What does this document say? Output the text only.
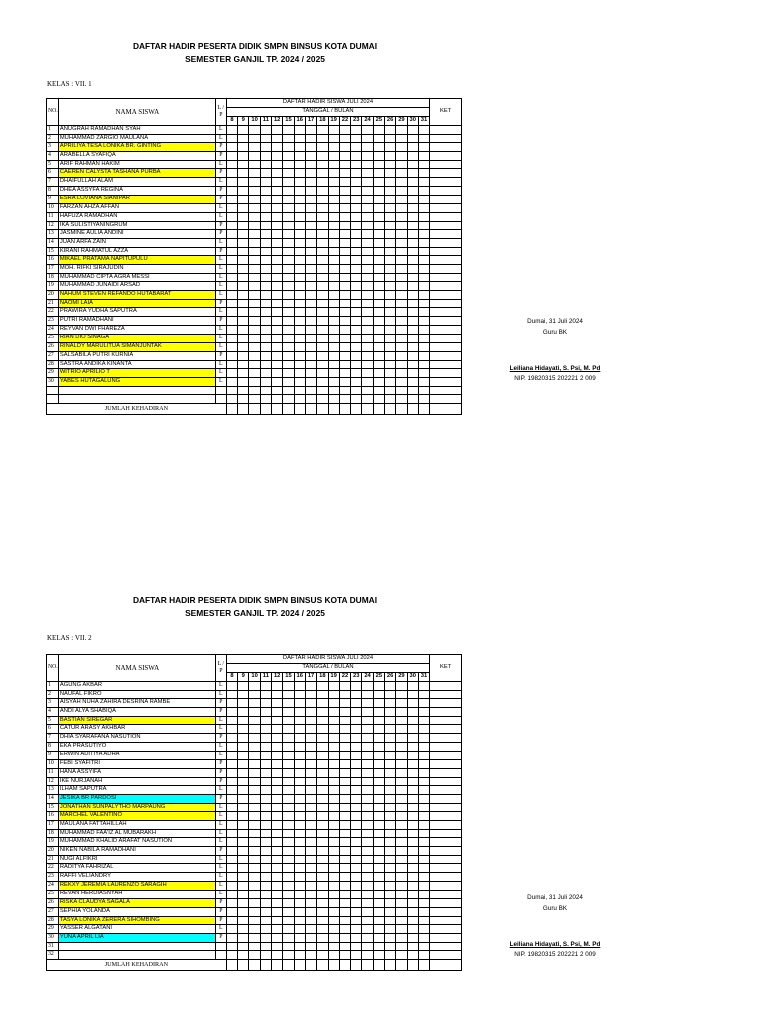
DAFTAR HADIR PESERTA DIDIK SMPN BINSUS KOTA DUMAI
SEMESTER GANJIL TP. 2024 / 2025
KELAS : VII. 1
NO.	NAMA SISWA	L / P	DAFTAR HADIR SISWA JULI 2024																		KET
			TANGGAL / BULAN																		
			8	9	10	11	12	15	16	17	18	19	22	23	24	25	26	29	30	31	
1	ANUGRAH RAMADHAN SYAH	L																			
2	MUHAMMAD ZARGIO MAULANA	L																			
3	APRILIYA TESA LONIKA BR. GINTING	P																			
4	ARABELLA SYAFIQA	P																			
5	ARIF RAHMAN HAKIM	L																			
6	CAEREN CALYSTA TASHANA PURBA	P																			
7	DHAIFULLAH ALAM	L																			
8	DHEA ASSYFA REGINA	P																			
9	ESRA LOVIANA SIANIPAR	P																			
10	FARZAN AHZA AFFAN	L																			
11	HAFUZA RAMADHAN	L																			
12	IKA SULISTIYANINGRUM	P																			
13	JASMINE AULIA ANDINI	P																			
14	JUAN ARFA ZAIN	L																			
15	KIRANI RAHMATUL AZZA	P																			
16	MIKAEL PRATAMA NAPITUPULU	L																			
17	MOH. RIFKI SIRAJUDIN	L																			
18	MUHAMMAD CIPTA AGRA MESSI	L																			
19	MUHAMMAD JUNAIDI ARSAD	L																			
20	NAHUM STEVEN REFANDO HUTABARAT	L																			
21	NAOMI LAIA	P																			
22	PRAWIRA YUDHA SAPUTRA	L																			
23	PUTRI RAMADHANI	P																			
24	REYVAN DWI FHAREZA	L																			
25	RIAN DIO SINAGA	L																			
26	RINALDY MARULITUA SIMANJUNTAK	L																			
27	SALSABILA PUTRI KURNIA	P																			
28	SASTRA ANDIKA KINANTA	L																			
29	WITRIO APRILIO T	L																			
30	YABES HUTAGALUNG	L																			

JUMLAH KEHADIRAN																					
Dumai, 31 Juli 2024
Guru BK
Leiliana Hidayati, S. Psi, M. Pd
NIP. 19820315 202221 2 009
DAFTAR HADIR PESERTA DIDIK SMPN BINSUS KOTA DUMAI
SEMESTER GANJIL TP. 2024 / 2025
KELAS : VII. 2
NO.	NAMA SISWA	L / P	DAFTAR HADIR SISWA JULI 2024																		KET
			TANGGAL / BULAN																		
			8	9	10	11	12	15	16	17	18	19	22	23	24	25	26	29	30	31	
1	AGUNG AKBAR	L																			
2	NAUFAL FIKRO	L																			
3	AISYAH NUHA ZAHIRA DESRINA RAMBE	P																			
4	ANDI ALYA SHABIQA	P																			
5	BASTIAN SIREGAR	L																			
6	CATUR ARASY AKHBAR	L																			
7	DHIA SYARAFANA NASUTION	P																			
8	EKA PRASUTIYO	L																			
9	ERWIN ADITIYA ADHA	L																			
10	FEBI SYAFITRI	P																			
11	HANA ASSYIFA	P																			
12	IKE NURJANAH	P																			
13	ILHAM SAPUTRA	L																			
14	JESIKA BR PARDOSI	P																			
15	JONATHAN SUNPALYTHO MARPAUNG	L																			
16	MARCHEL VALENTINO	L																			
17	MAULANA FATTAHILLAH	L																			
18	MUHAMMAD FAA'IZ AL MUBARAKH	L																			
19	MUHAMMAD KHALID ARAFAT NASUTION	L																			
20	NIKEN NABILA RAMADHANI	P																			
21	NUGI ALFIKRI	L																			
22	RADITYA FAHRIZAL	L																			
23	RAFFI VELIANDRY	L																			
24	REKXY JEREMIA LAURENZO SARAGIH	L																			
25	REVAN HERDIASNYAH	L																			
26	RISKA CLAUDYA SAGALA	P																			
27	SEPHIA YOLANDA	P																			
28	TASYA LONIKA ZERERA SIHOMBING	P																			
29	YASSER ALGATANI	L																			
30	YUNA APRIL LIA	P																			
31																					
32																					
JUMLAH KEHADIRAN																					
Dumai, 31 Juli 2024
Guru BK
Leiliana Hidayati, S. Psi, M. Pd
NIP. 19820315 202221 2 009
